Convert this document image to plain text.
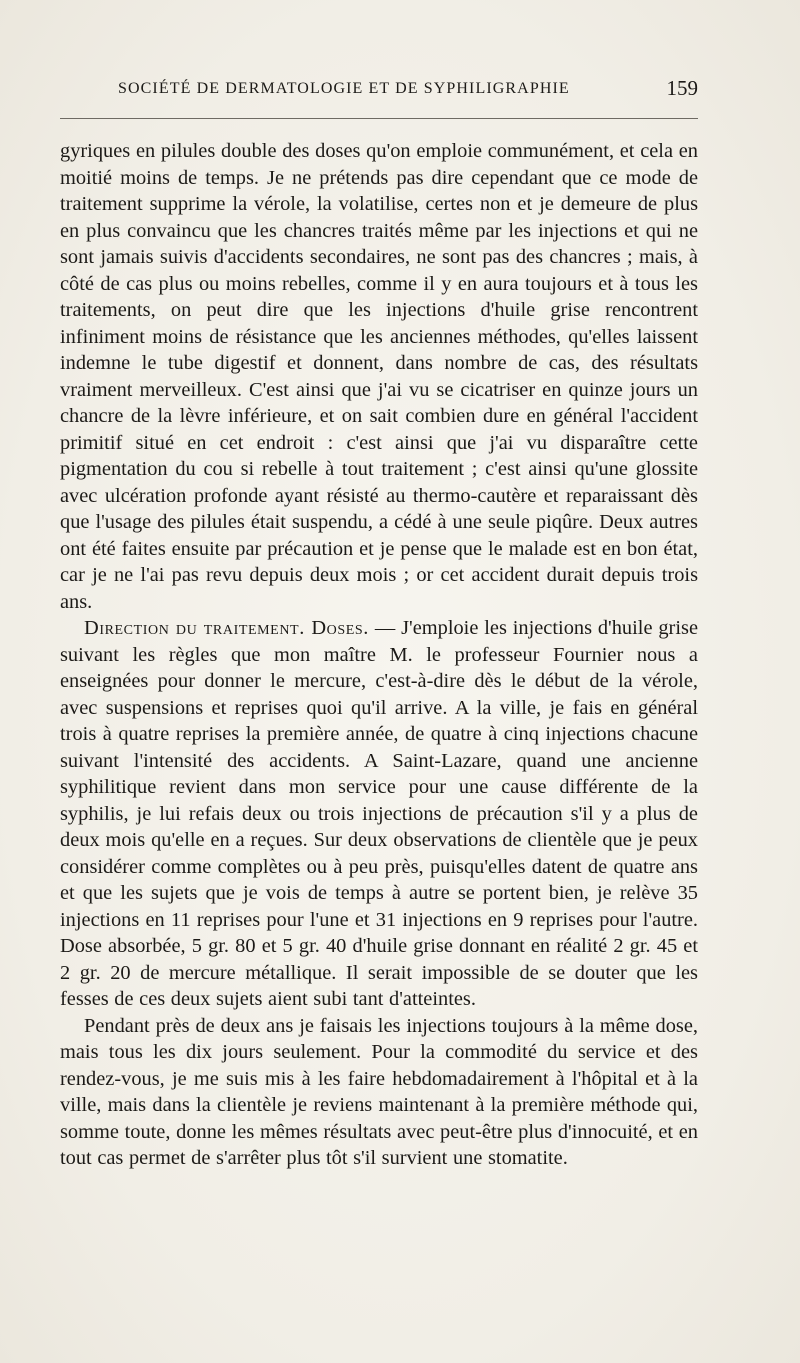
SOCIÉTÉ DE DERMATOLOGIE ET DE SYPHILIGRAPHIE	159

gyriques en pilules double des doses qu'on emploie communément, et cela en moitié moins de temps. Je ne prétends pas dire cependant que ce mode de traitement supprime la vérole, la volatilise, certes non et je demeure de plus en plus convaincu que les chancres traités même par les injections et qui ne sont jamais suivis d'accidents secondaires, ne sont pas des chancres ; mais, à côté de cas plus ou moins rebelles, comme il y en aura toujours et à tous les traitements, on peut dire que les injections d'huile grise rencontrent infiniment moins de résistance que les anciennes méthodes, qu'elles laissent indemne le tube digestif et donnent, dans nombre de cas, des résultats vraiment merveilleux. C'est ainsi que j'ai vu se cicatriser en quinze jours un chancre de la lèvre inférieure, et on sait combien dure en général l'accident primitif situé en cet endroit : c'est ainsi que j'ai vu disparaître cette pigmentation du cou si rebelle à tout traitement ; c'est ainsi qu'une glossite avec ulcération profonde ayant résisté au thermo-cautère et reparaissant dès que l'usage des pilules était suspendu, a cédé à une seule piqûre. Deux autres ont été faites ensuite par précaution et je pense que le malade est en bon état, car je ne l'ai pas revu depuis deux mois ; or cet accident durait depuis trois ans.

Direction du traitement. Doses. — J'emploie les injections d'huile grise suivant les règles que mon maître M. le professeur Fournier nous a enseignées pour donner le mercure, c'est-à-dire dès le début de la vérole, avec suspensions et reprises quoi qu'il arrive. A la ville, je fais en général trois à quatre reprises la première année, de quatre à cinq injections chacune suivant l'intensité des accidents. A Saint-Lazare, quand une ancienne syphilitique revient dans mon service pour une cause différente de la syphilis, je lui refais deux ou trois injections de précaution s'il y a plus de deux mois qu'elle en a reçues. Sur deux observations de clientèle que je peux considérer comme complètes ou à peu près, puisqu'elles datent de quatre ans et que les sujets que je vois de temps à autre se portent bien, je relève 35 injections en 11 reprises pour l'une et 31 injections en 9 reprises pour l'autre. Dose absorbée, 5 gr. 80 et 5 gr. 40 d'huile grise donnant en réalité 2 gr. 45 et 2 gr. 20 de mercure métallique. Il serait impossible de se douter que les fesses de ces deux sujets aient subi tant d'atteintes.

Pendant près de deux ans je faisais les injections toujours à la même dose, mais tous les dix jours seulement. Pour la commodité du service et des rendez-vous, je me suis mis à les faire hebdomadairement à l'hôpital et à la ville, mais dans la clientèle je reviens maintenant à la première méthode qui, somme toute, donne les mêmes résultats avec peut-être plus d'innocuité, et en tout cas permet de s'arrêter plus tôt s'il survient une stomatite.
